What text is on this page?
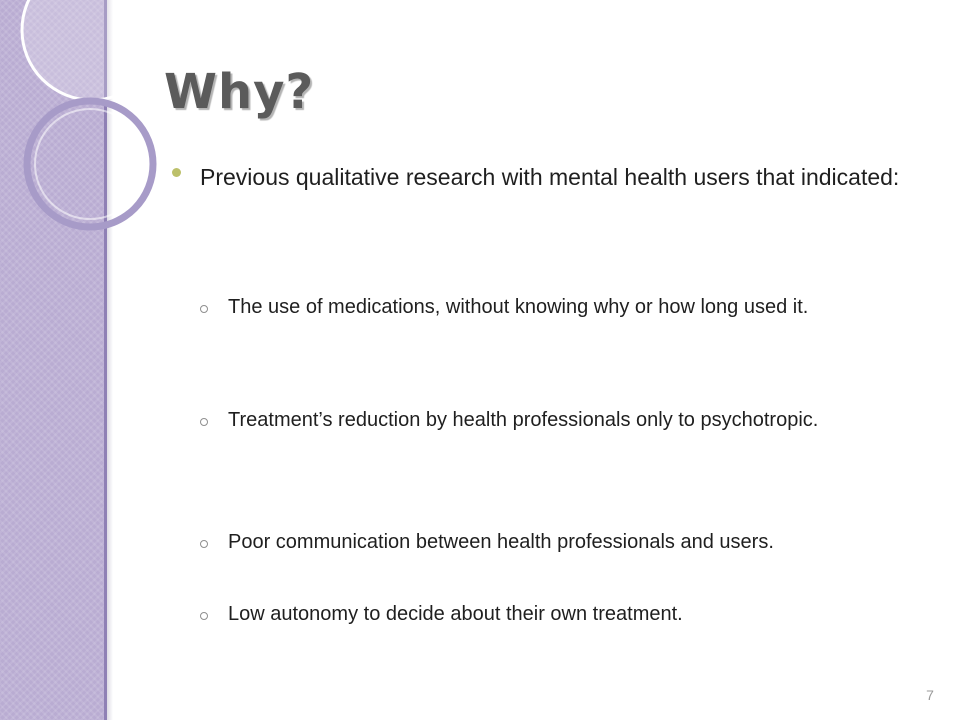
Why?
Previous qualitative research with mental health users that indicated:
The use of medications, without knowing why or how long used it.
Treatment’s reduction by health professionals only to psychotropic.
Poor communication between health professionals and users.
Low autonomy to decide about their own treatment.
7
